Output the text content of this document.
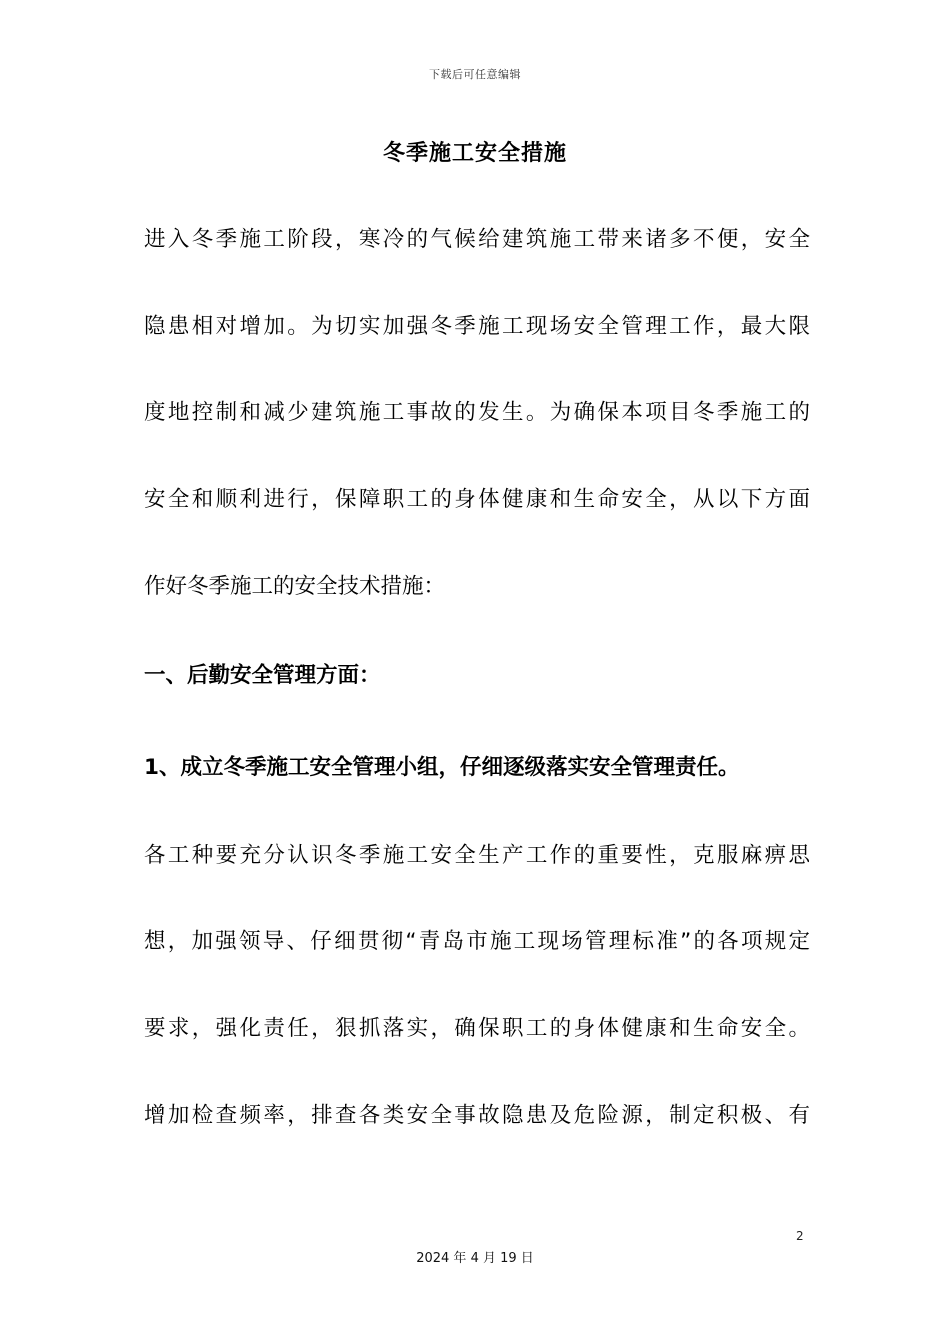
下载后可任意编辑
冬季施工安全措施
进入冬季施工阶段，寒冷的气候给建筑施工带来诸多不便，安全
隐患相对增加。为切实加强冬季施工现场安全管理工作，最大限
度地控制和减少建筑施工事故的发生。为确保本项目冬季施工的
安全和顺利进行，保障职工的身体健康和生命安全，从以下方面
作好冬季施工的安全技术措施：
一、后勤安全管理方面：
1、成立冬季施工安全管理小组，仔细逐级落实安全管理责任。
各工种要充分认识冬季施工安全生产工作的重要性，克服麻痹思
想，加强领导、仔细贯彻“青岛市施工现场管理标准”的各项规定
要求，强化责任，狠抓落实，确保职工的身体健康和生命安全。
增加检查频率，排查各类安全事故隐患及危险源，制定积极、有
2
2024 年 4 月 19 日
